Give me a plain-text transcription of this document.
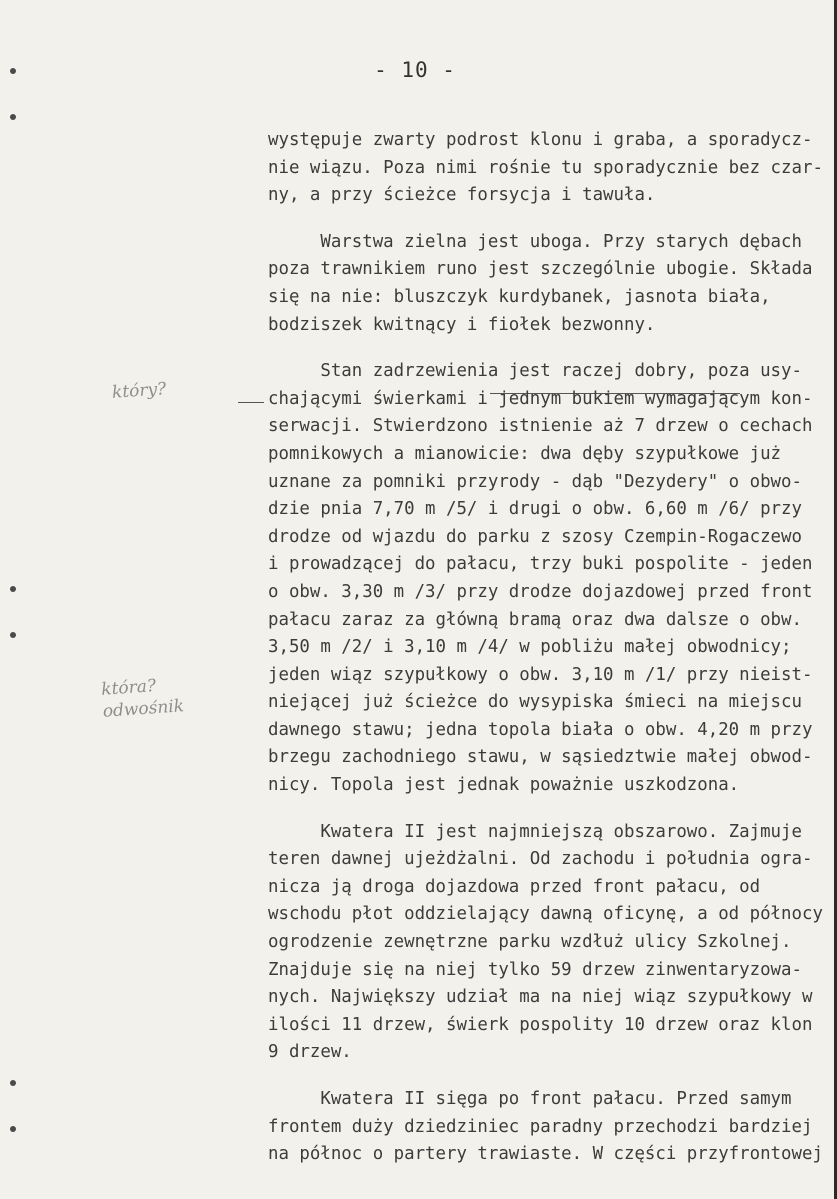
- 10 -
który?
która?
odwośnik
występuje zwarty podrost klonu i graba, a sporadycz-
nie wiązu. Poza nimi rośnie tu sporadycznie bez czar-
ny, a przy ścieżce forsycja i tawuła.
Warstwa zielna jest uboga. Przy starych dębach
poza trawnikiem runo jest szczególnie ubogie. Składa
się na nie: bluszczyk kurdybanek, jasnota biała,
bodziszek kwitnący i fiołek bezwonny.
Stan zadrzewienia jest raczej dobry, poza usy-
chającymi świerkami i jednym bukiem wymagającym kon-
serwacji. Stwierdzono istnienie aż 7 drzew o cechach
pomnikowych a mianowicie: dwa dęby szypułkowe już
uznane za pomniki przyrody - dąb "Dezydery" o obwo-
dzie pnia 7,70 m /5/ i drugi o obw. 6,60 m /6/ przy
drodze od wjazdu do parku z szosy Czempin-Rogaczewo
i prowadzącej do pałacu, trzy buki pospolite - jeden
o obw. 3,30 m /3/ przy drodze dojazdowej przed front
pałacu zaraz za główną bramą oraz dwa dalsze o obw.
3,50 m /2/ i 3,10 m /4/ w pobliżu małej obwodnicy;
jeden wiąz szypułkowy o obw. 3,10 m /1/ przy nieist-
niejącej już ścieżce do wysypiska śmieci na miejscu
dawnego stawu; jedna topola biała o obw. 4,20 m przy
brzegu zachodniego stawu, w sąsiedztwie małej obwod-
nicy. Topola jest jednak poważnie uszkodzona.
Kwatera II jest najmniejszą obszarowo. Zajmuje
teren dawnej ujeżdżalni. Od zachodu i południa ogra-
nicza ją droga dojazdowa przed front pałacu, od
wschodu płot oddzielający dawną oficynę, a od północy
ogrodzenie zewnętrzne parku wzdłuż ulicy Szkolnej.
Znajduje się na niej tylko 59 drzew zinwentaryzowa-
nych. Największy udział ma na niej wiąz szypułkowy w
ilości 11 drzew, świerk pospolity 10 drzew oraz klon
9 drzew.
Kwatera II sięga po front pałacu. Przed samym
frontem duży dziedziniec paradny przechodzi bardziej
na północ o partery trawiaste. W części przyfrontowej
